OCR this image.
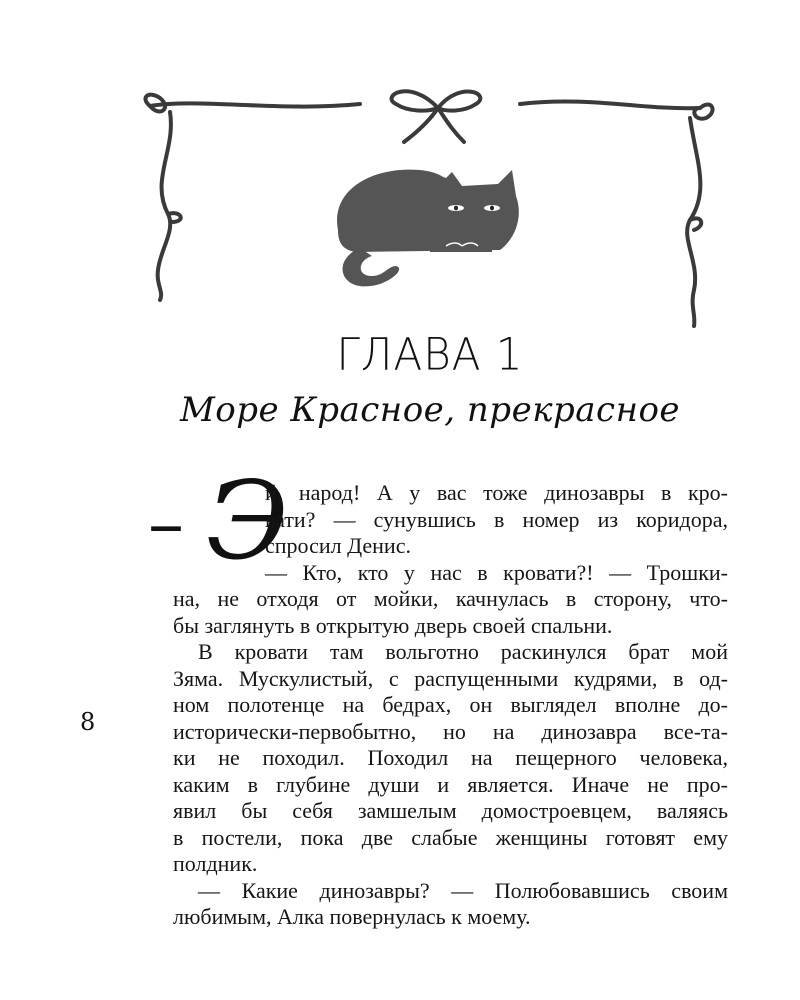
ГЛАВА 1
Море Красное, прекрасное
– Э
й, народ! А у вас тоже динозавры в кро-
вати? — сунувшись в номер из коридора,
спросил Денис.
— Кто, кто у нас в кровати?! — Трошки-
на, не отходя от мойки, качнулась в сторону, что-
бы заглянуть в открытую дверь своей спальни.
В кровати там вольготно раскинулся брат мой
Зяма. Мускулистый, с распущенными кудрями, в од-
ном полотенце на бедрах, он выглядел вполне до-
исторически-первобытно, но на динозавра все-та-
ки не походил. Походил на пещерного человека,
каким в глубине души и является. Иначе не про-
явил бы себя замшелым домостроевцем, валяясь
в постели, пока две слабые женщины готовят ему
полдник.
— Какие динозавры? — Полюбовавшись своим
любимым, Алка повернулась к моему.
8
